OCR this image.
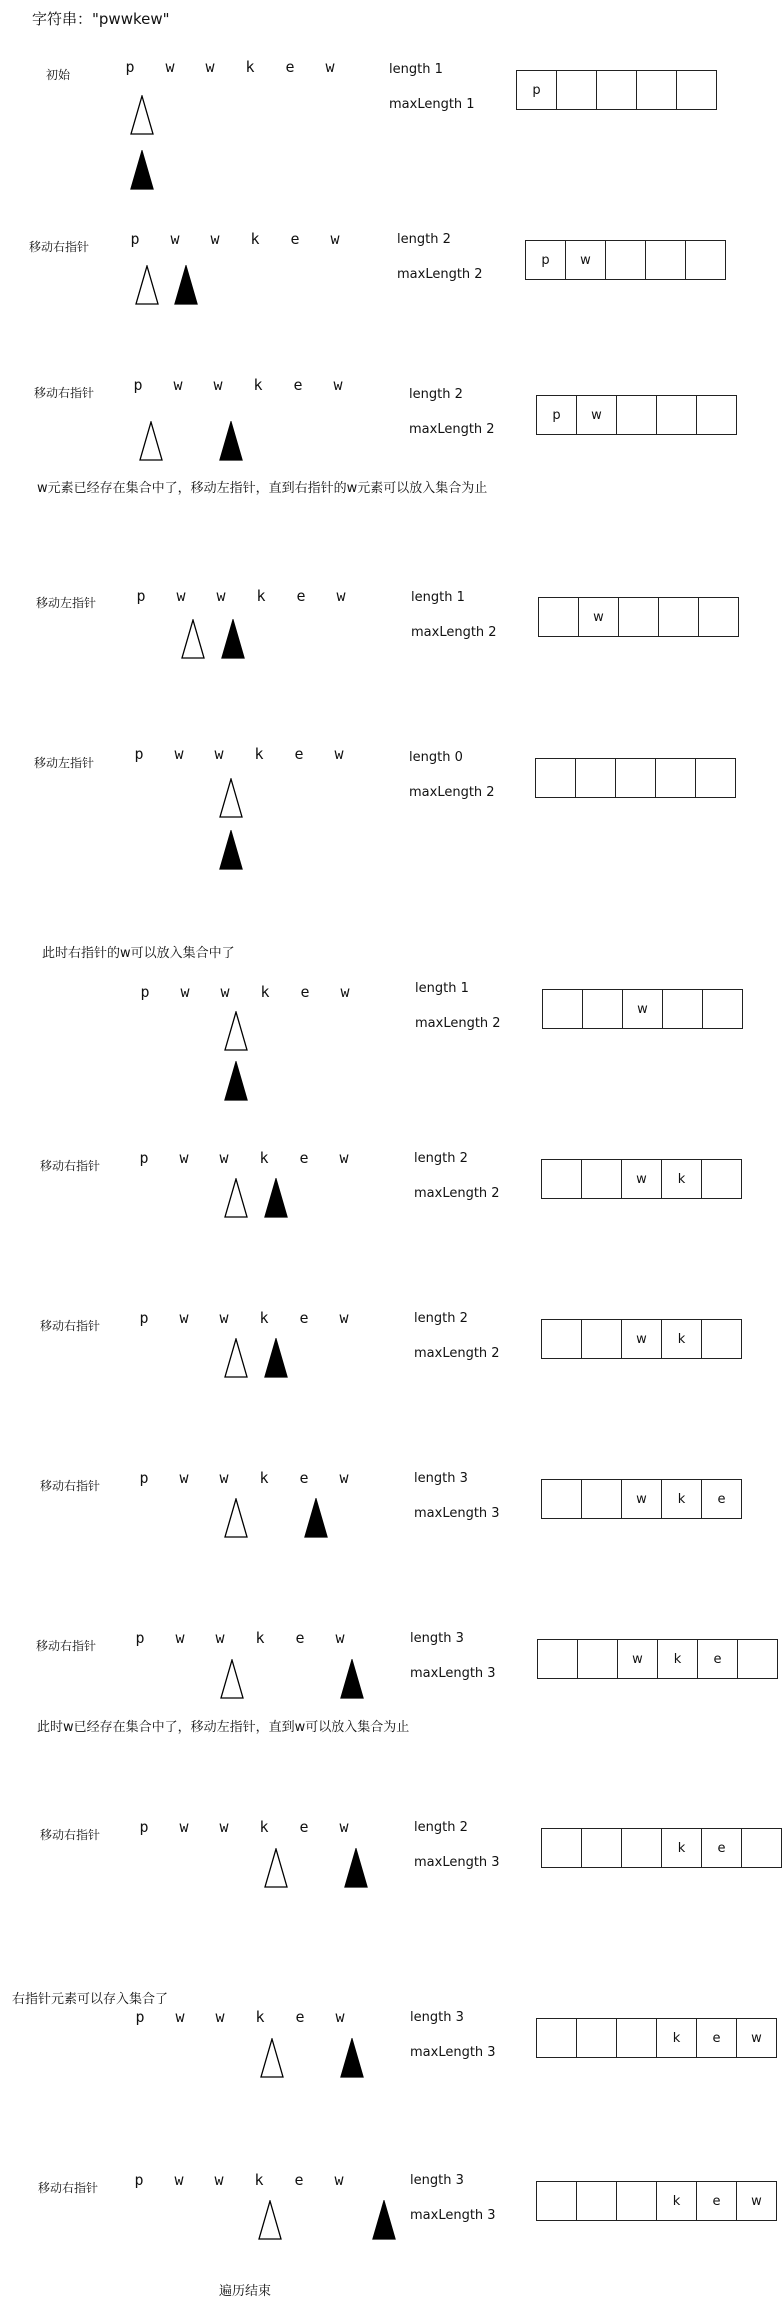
字符串："pwwkew"
初始	p	w	w	k	e	w	length 1
maxLength 1
p
移动右指针	p	w	w	k	e	w	length 2
maxLength 2
p	w
移动右指针	p	w	w	k	e	w
length 2
maxLength 2
p	w
移动左指针	p	w	w	k	e	w	length 1
maxLength 2
w
移动左指针	p	w	w	k	e	w	length 0
maxLength 2
p	w	w	k	e	w	length 1
maxLength 2
w
移动右指针	p	w	w	k	e	w	length 2
maxLength 2
w	k
移动右指针	p	w	w	k	e	w	length 2
maxLength 2
w	k
移动右指针	p	w	w	k	e	w	length 3
maxLength 3
w	k	e
移动右指针	p	w	w	k	e	w	length 3
maxLength 3
w	k	e
移动右指针	p	w	w	k	e	w	length 2
maxLength 3
k	e
p	w	w	k	e	w	length 3
maxLength 3
k	e	w
移动右指针	p	w	w	k	e	w	length 3
maxLength 3
k	e	w
w元素已经存在集合中了，移动左指针，直到右指针的w元素可以放入集合为止
此时右指针的w可以放入集合中了
此时w已经存在集合中了，移动左指针，直到w可以放入集合为止
右指针元素可以存入集合了
遍历结束
